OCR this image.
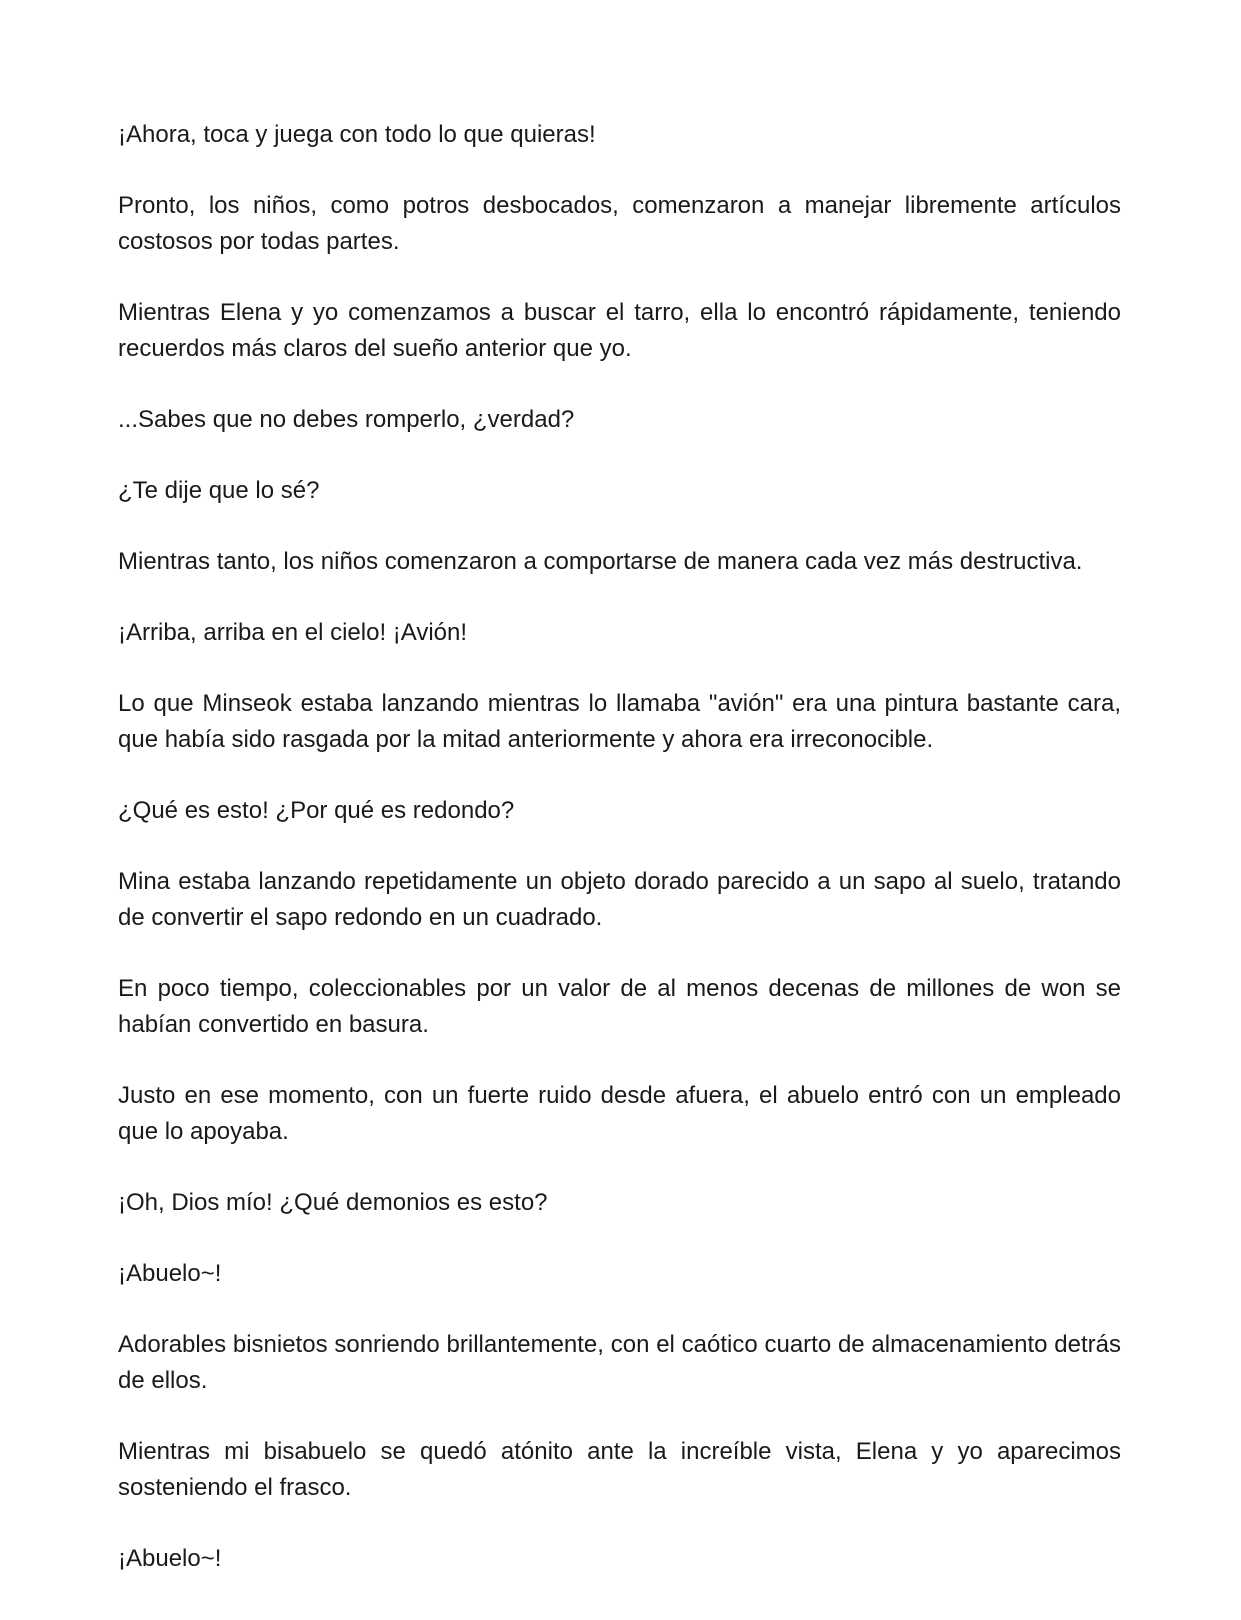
¡Ahora, toca y juega con todo lo que quieras!

Pronto, los niños, como potros desbocados, comenzaron a manejar libremente artículos costosos por todas partes.

Mientras Elena y yo comenzamos a buscar el tarro, ella lo encontró rápidamente, teniendo recuerdos más claros del sueño anterior que yo.

...Sabes que no debes romperlo, ¿verdad?

¿Te dije que lo sé?

Mientras tanto, los niños comenzaron a comportarse de manera cada vez más destructiva.

¡Arriba, arriba en el cielo! ¡Avión!

Lo que Minseok estaba lanzando mientras lo llamaba "avión" era una pintura bastante cara, que había sido rasgada por la mitad anteriormente y ahora era irreconocible.

¿Qué es esto! ¿Por qué es redondo?

Mina estaba lanzando repetidamente un objeto dorado parecido a un sapo al suelo, tratando de convertir el sapo redondo en un cuadrado.

En poco tiempo, coleccionables por un valor de al menos decenas de millones de won se habían convertido en basura.

Justo en ese momento, con un fuerte ruido desde afuera, el abuelo entró con un empleado que lo apoyaba.

¡Oh, Dios mío! ¿Qué demonios es esto?

¡Abuelo~!

Adorables bisnietos sonriendo brillantemente, con el caótico cuarto de almacenamiento detrás de ellos.

Mientras mi bisabuelo se quedó atónito ante la increíble vista, Elena y yo aparecimos sosteniendo el frasco.

¡Abuelo~!
